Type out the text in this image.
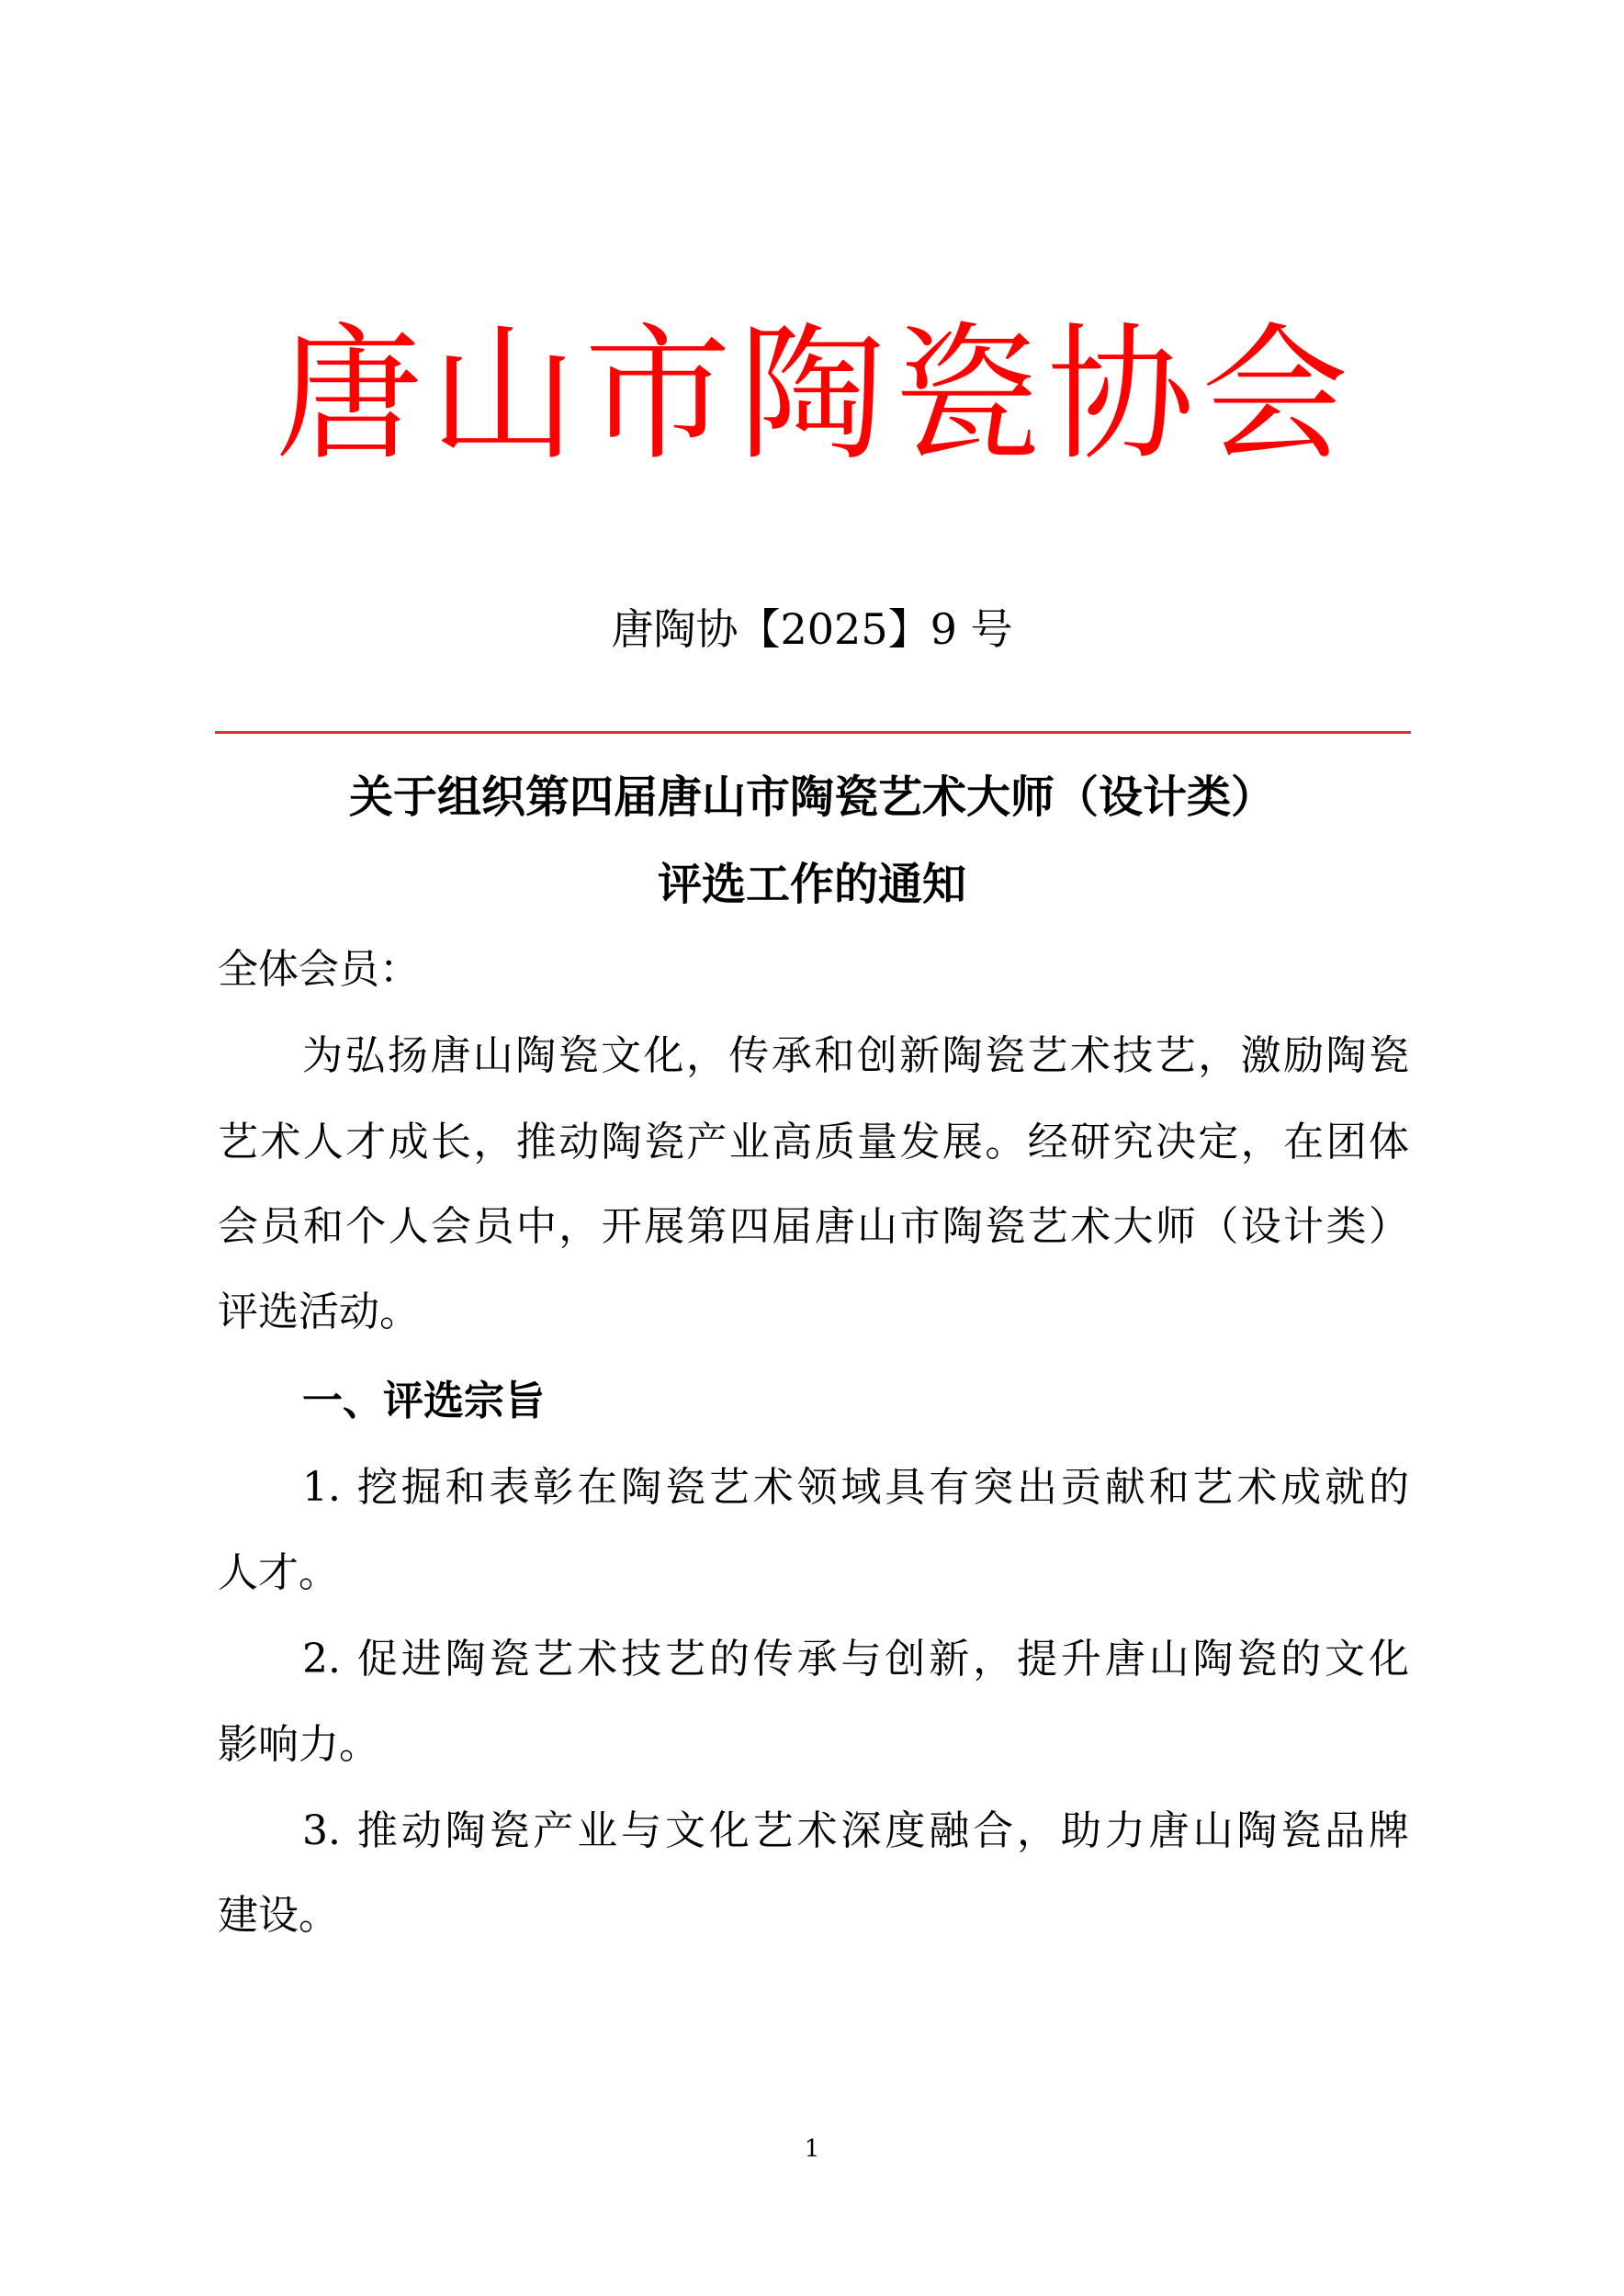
唐山市陶瓷协会
唐陶协【2025】9 号
关于组织第四届唐山市陶瓷艺术大师（设计类）
评选工作的通知
全体会员：
为弘扬唐山陶瓷文化，传承和创新陶瓷艺术技艺，激励陶瓷
艺术人才成长，推动陶瓷产业高质量发展。经研究决定，在团体
会员和个人会员中，开展第四届唐山市陶瓷艺术大师（设计类）
评选活动。
一、评选宗旨
1. 挖掘和表彰在陶瓷艺术领域具有突出贡献和艺术成就的
人才。
2. 促进陶瓷艺术技艺的传承与创新，提升唐山陶瓷的文化
影响力。
3. 推动陶瓷产业与文化艺术深度融合，助力唐山陶瓷品牌
建设。
1
